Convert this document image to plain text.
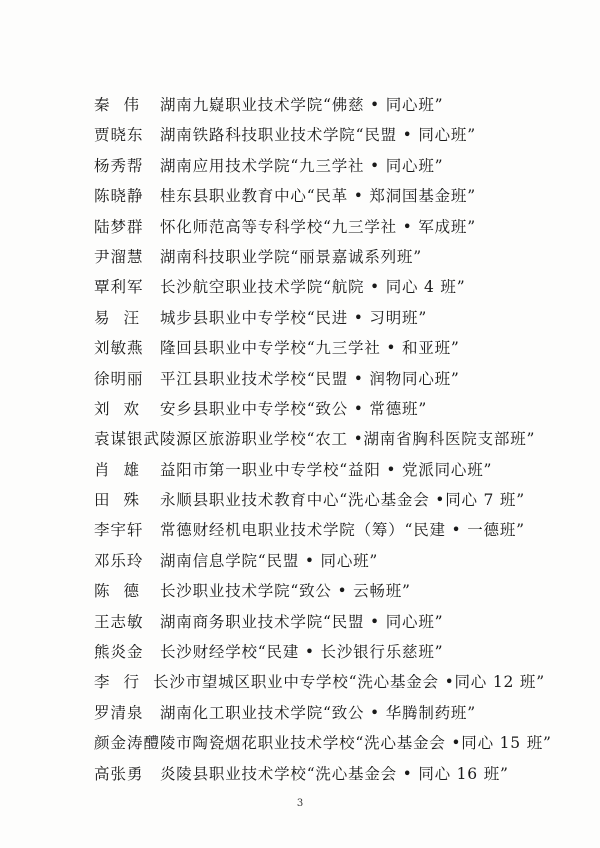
秦伟 湖南九嶷职业技术学院“佛慈 • 同心班”
贾晓东	湖南铁路科技职业技术学院“民盟 • 同心班”
杨秀帮	湖南应用技术学院“九三学社 • 同心班”
陈晓静	桂东县职业教育中心“民革 • 郑洞国基金班”
陆梦群	怀化师范高等专科学校“九三学社 • 军成班”
尹溜慧	湖南科技职业学院“丽景嘉诚系列班”
覃利军	长沙航空职业技术学院“航院 • 同心 4 班”
易汪 城步县职业中专学校“民进 • 习明班”
刘敏燕	隆回县职业中专学校“九三学社 • 和亚班”
徐明丽	平江县职业技术学校“民盟 • 润物同心班”
刘欢 安乡县职业中专学校“致公 • 常德班”
袁谋银 武陵源区旅游职业学校“农工 •湖南省胸科医院支部班”
肖雄 益阳市第一职业中专学校“益阳 • 党派同心班”
田殊 永顺县职业技术教育中心“洗心基金会 •同心 7 班”
李宇轩	常德财经机电职业技术学院（筹）“民建 • 一德班”
邓乐玲	湖南信息学院“民盟 • 同心班”
陈德 长沙职业技术学院“致公 • 云畅班”
王志敏	湖南商务职业技术学院“民盟 • 同心班”
熊炎金	长沙财经学校“民建 • 长沙银行乐慈班”
李行 长沙市望城区职业中专学校“洗心基金会 •同心 12 班”
罗清泉	湖南化工职业技术学院“致公 • 华腾制药班”
颜金涛 醴陵市陶瓷烟花职业技术学校“洗心基金会 •同心 15 班”
高张勇	炎陵县职业技术学校“洗心基金会 • 同心 16 班”
3
